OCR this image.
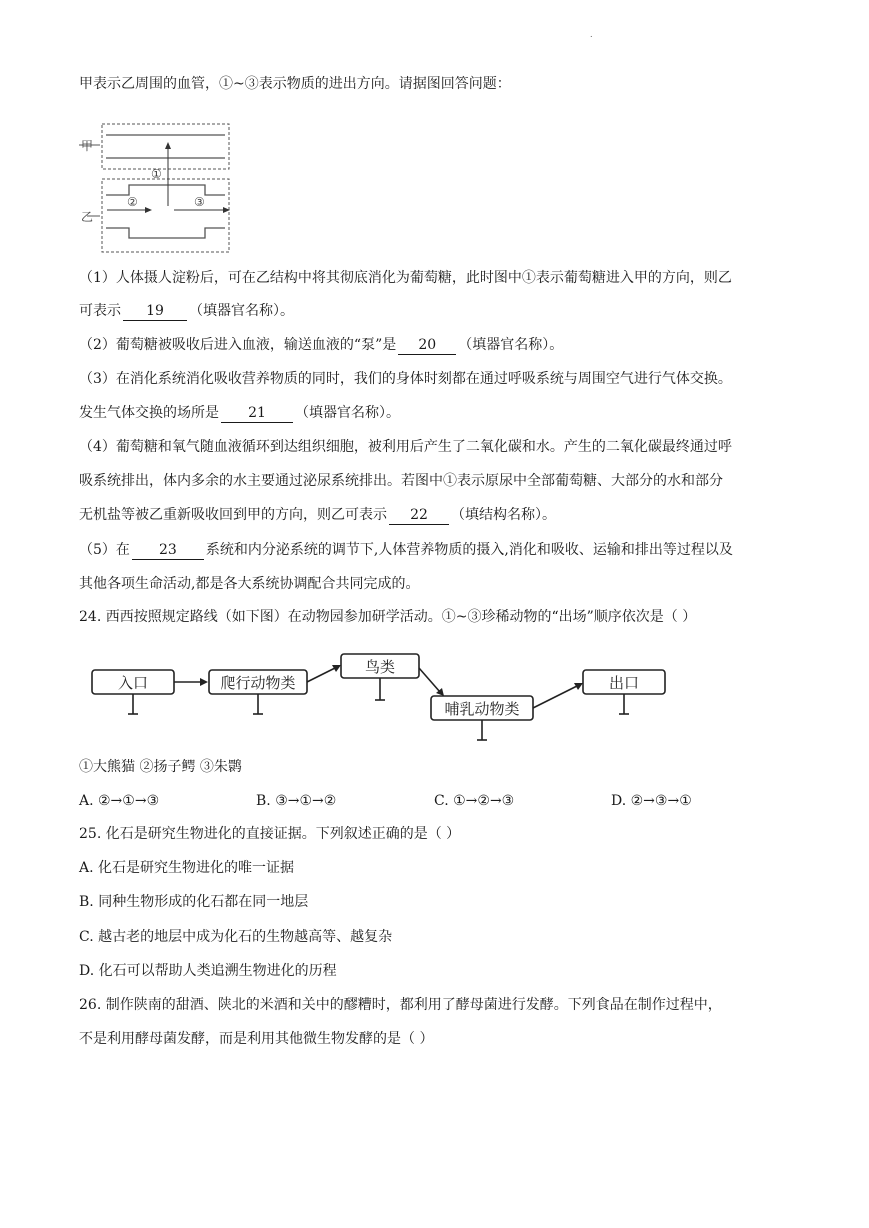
.
甲表示乙周围的血管，①~③表示物质的进出方向。请据图回答问题：
甲
乙
①
②	③
（1）人体摄人淀粉后，可在乙结构中将其彻底消化为葡萄糖，此时图中①表示葡萄糖进入甲的方向，则乙
可表示 19 （填器官名称）。
（2）葡萄糖被吸收后进入血液，输送血液的“泵”是 20 （填器官名称）。
（3）在消化系统消化吸收营养物质的同时，我们的身体时刻都在通过呼吸系统与周围空气进行气体交换。
发生气体交换的场所是 21 （填器官名称）。
（4）葡萄糖和氧气随血液循环到达组织细胞，被利用后产生了二氧化碳和水。产生的二氧化碳最终通过呼
吸系统排出，体内多余的水主要通过泌尿系统排出。若图中①表示原尿中全部葡萄糖、大部分的水和部分
无机盐等被乙重新吸收回到甲的方向，则乙可表示 22 （填结构名称）。
（5）在 23 系统和内分泌系统的调节下,人体营养物质的摄入,消化和吸收、运输和排出等过程以及
其他各项生命活动,都是各大系统协调配合共同完成的。
24. 西西按照规定路线（如下图）在动物园参加研学活动。①~③珍稀动物的“出场”顺序依次是（ ）
入口	爬行动物类
鸟类
哺乳动物类
出口
①大熊猫 ②扬子鳄 ③朱鹮
A. ②→①→③	B. ③→①→②	C. ①→②→③	D. ②→③→①
25. 化石是研究生物进化的直接证据。下列叙述正确的是（ ）
A. 化石是研究生物进化的唯一证据
B. 同种生物形成的化石都在同一地层
C. 越古老的地层中成为化石的生物越高等、越复杂
D. 化石可以帮助人类追溯生物进化的历程
26. 制作陕南的甜酒、陕北的米酒和关中的醪糟时，都利用了酵母菌进行发酵。下列食品在制作过程中，
不是利用酵母菌发酵，而是利用其他微生物发酵的是（ ）
